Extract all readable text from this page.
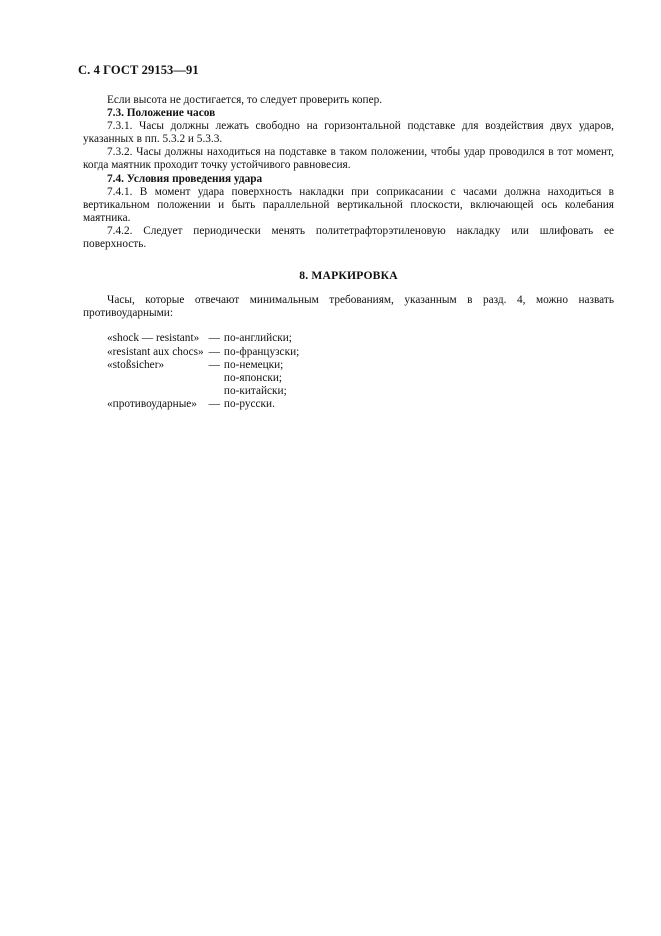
С. 4 ГОСТ 29153—91

Если высота не достигается, то следует проверить копер.

7.3. Положение часов

7.3.1. Часы должны лежать свободно на горизонтальной подставке для воздействия двух ударов, указанных в пп. 5.3.2 и 5.3.3.

7.3.2. Часы должны находиться на подставке в таком положении, чтобы удар проводился в тот момент, когда маятник проходит точку устойчивого равновесия.

7.4. Условия проведения удара

7.4.1. В момент удара поверхность накладки при соприкасании с часами должна находиться в вертикальном положении и быть параллельной вертикальной плоскости, включающей ось колебания маятника.

7.4.2. Следует периодически менять политетрафторэтиленовую накладку или шлифовать ее поверхность.

8. МАРКИРОВКА

Часы, которые отвечают минимальным требованиям, указанным в разд. 4, можно назвать противоударными:

«shock — resistant»	—	по-английски;
«resistant aux chocs»	—	по-французски;
«stoßsicher»	—	по-немецки;
		по-японски;
		по-китайски;
«противоударные»	—	по-русски.
